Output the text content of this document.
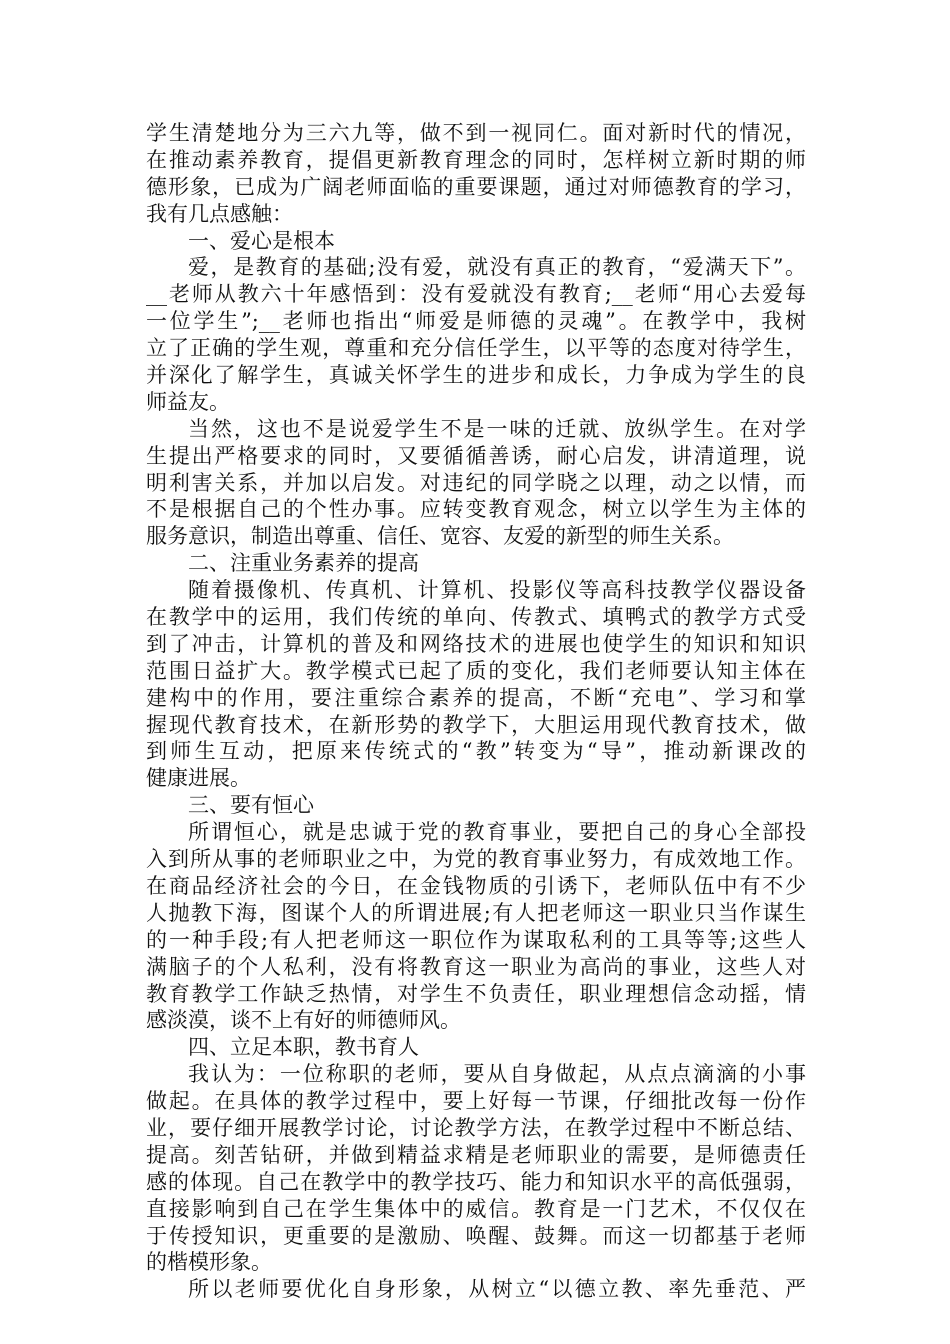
学生清楚地分为三六九等，做不到一视同仁。面对新时代的情况，
在推动素养教育，提倡更新教育理念的同时，怎样树立新时期的师
德形象，已成为广阔老师面临的重要课题，通过对师德教育的学习，
我有几点感触：
一、爱心是根本
爱，是教育的基础;没有爱，就没有真正的教育，“爱满天下”。
__老师从教六十年感悟到：没有爱就没有教育;__老师“用心去爱每
一位学生”;__老师也指出“师爱是师德的灵魂”。在教学中，我树
立了正确的学生观，尊重和充分信任学生，以平等的态度对待学生，
并深化了解学生，真诚关怀学生的进步和成长，力争成为学生的良
师益友。
当然，这也不是说爱学生不是一味的迁就、放纵学生。在对学
生提出严格要求的同时，又要循循善诱，耐心启发，讲清道理，说
明利害关系，并加以启发。对违纪的同学晓之以理，动之以情，而
不是根据自己的个性办事。应转变教育观念，树立以学生为主体的
服务意识，制造出尊重、信任、宽容、友爱的新型的师生关系。
二、注重业务素养的提高
随着摄像机、传真机、计算机、投影仪等高科技教学仪器设备
在教学中的运用，我们传统的单向、传教式、填鸭式的教学方式受
到了冲击，计算机的普及和网络技术的进展也使学生的知识和知识
范围日益扩大。教学模式已起了质的变化，我们老师要认知主体在
建构中的作用，要注重综合素养的提高，不断“充电”、学习和掌
握现代教育技术，在新形势的教学下，大胆运用现代教育技术，做
到师生互动，把原来传统式的“教”转变为“导”，推动新课改的
健康进展。
三、要有恒心
所谓恒心，就是忠诚于党的教育事业，要把自己的身心全部投
入到所从事的老师职业之中，为党的教育事业努力，有成效地工作。
在商品经济社会的今日，在金钱物质的引诱下，老师队伍中有不少
人抛教下海，图谋个人的所谓进展;有人把老师这一职业只当作谋生
的一种手段;有人把老师这一职位作为谋取私利的工具等等;这些人
满脑子的个人私利，没有将教育这一职业为高尚的事业，这些人对
教育教学工作缺乏热情，对学生不负责任，职业理想信念动摇，情
感淡漠，谈不上有好的师德师风。
四、立足本职，教书育人
我认为：一位称职的老师，要从自身做起，从点点滴滴的小事
做起。在具体的教学过程中，要上好每一节课，仔细批改每一份作
业，要仔细开展教学讨论，讨论教学方法，在教学过程中不断总结、
提高。刻苦钻研，并做到精益求精是老师职业的需要，是师德责任
感的体现。自己在教学中的教学技巧、能力和知识水平的高低强弱，
直接影响到自己在学生集体中的威信。教育是一门艺术，不仅仅在
于传授知识，更重要的是激励、唤醒、鼓舞。而这一切都基于老师
的楷模形象。
所以老师要优化自身形象，从树立“以德立教、率先垂范、严
